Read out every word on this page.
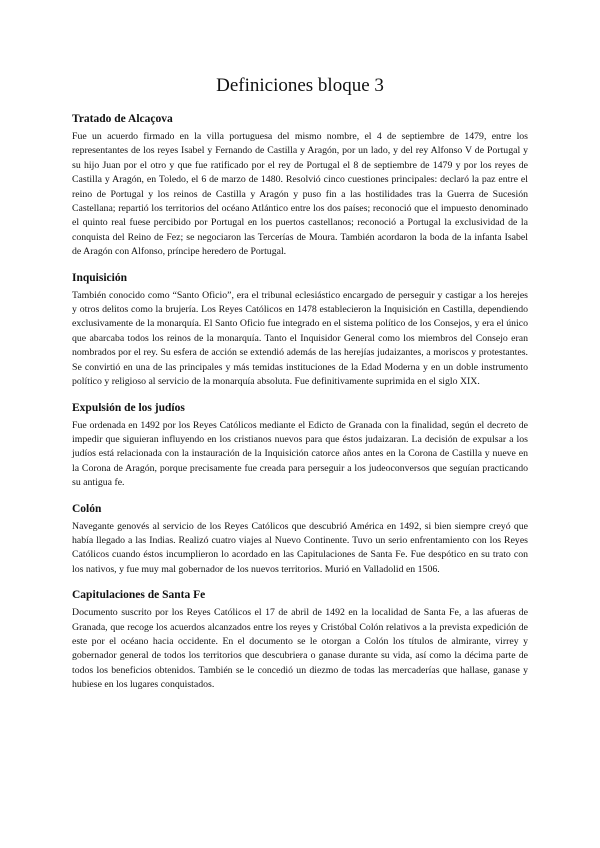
Definiciones bloque 3
Tratado de Alcaçova

Fue un acuerdo firmado en la villa portuguesa del mismo nombre, el 4 de septiembre de 1479, entre los representantes de los reyes Isabel y Fernando de Castilla y Aragón, por un lado, y del rey Alfonso V de Portugal y su hijo Juan por el otro y que fue ratificado por el rey de Portugal el 8 de septiembre de 1479 y por los reyes de Castilla y Aragón, en Toledo, el 6 de marzo de 1480. Resolvió cinco cuestiones principales: declaró la paz entre el reino de Portugal y los reinos de Castilla y Aragón y puso fin a las hostilidades tras la Guerra de Sucesión Castellana; repartió los territorios del océano Atlántico entre los dos países; reconoció que el impuesto denominado el quinto real fuese percibido por Portugal en los puertos castellanos; reconoció a Portugal la exclusividad de la conquista del Reino de Fez; se negociaron las Tercerías de Moura. También acordaron la boda de la infanta Isabel de Aragón con Alfonso, príncipe heredero de Portugal.

Inquisición

También conocido como “Santo Oficio”, era el tribunal eclesiástico encargado de perseguir y castigar a los herejes y otros delitos como la brujería. Los Reyes Católicos en 1478 establecieron la Inquisición en Castilla, dependiendo exclusivamente de la monarquía. El Santo Oficio fue integrado en el sistema político de los Consejos, y era el único que abarcaba todos los reinos de la monarquía. Tanto el Inquisidor General como los miembros del Consejo eran nombrados por el rey. Su esfera de acción se extendió además de las herejías judaizantes, a moriscos y protestantes. Se convirtió en una de las principales y más temidas instituciones de la Edad Moderna y en un doble instrumento político y religioso al servicio de la monarquía absoluta. Fue definitivamente suprimida en el siglo XIX.

Expulsión de los judíos

Fue ordenada en 1492 por los Reyes Católicos mediante el Edicto de Granada con la finalidad, según el decreto de impedir que siguieran influyendo en los cristianos nuevos para que éstos judaizaran. La decisión de expulsar a los judíos está relacionada con la instauración de la Inquisición catorce años antes en la Corona de Castilla y nueve en la Corona de Aragón, porque precisamente fue creada para perseguir a los judeoconversos que seguían practicando su antigua fe.

Colón

Navegante genovés al servicio de los Reyes Católicos que descubrió América en 1492, si bien siempre creyó que había llegado a las Indias. Realizó cuatro viajes al Nuevo Continente. Tuvo un serio enfrentamiento con los Reyes Católicos cuando éstos incumplieron lo acordado en las Capitulaciones de Santa Fe. Fue despótico en su trato con los nativos, y fue muy mal gobernador de los nuevos territorios. Murió en Valladolid en 1506.

Capitulaciones de Santa Fe

Documento suscrito por los Reyes Católicos el 17 de abril de 1492 en la localidad de Santa Fe, a las afueras de Granada, que recoge los acuerdos alcanzados entre los reyes y Cristóbal Colón relativos a la prevista expedición de este por el océano hacia occidente. En el documento se le otorgan a Colón los títulos de almirante, virrey y gobernador general de todos los territorios que descubriera o ganase durante su vida, así como la décima parte de todos los beneficios obtenidos. También se le concedió un diezmo de todas las mercaderías que hallase, ganase y hubiese en los lugares conquistados.
